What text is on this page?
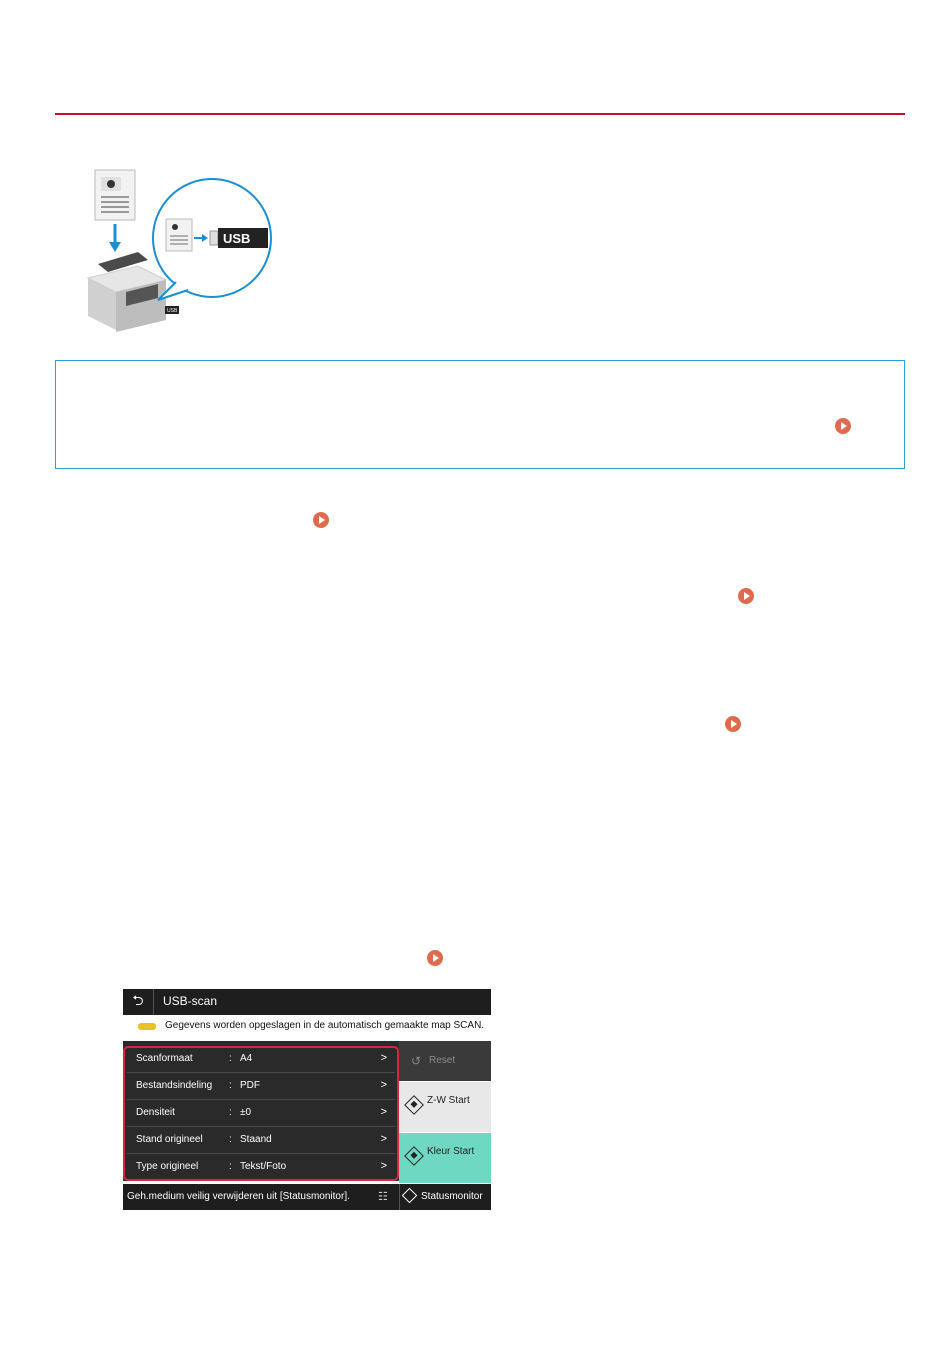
USB
USB
⮌	USB-scan
Gegevens worden opgeslagen in de automatisch gemaakte map SCAN.
Scanformaat	: A4	>
Bestandsindeling : PDF	>
Densiteit	: ±0	>
Stand origineel	: Staand	>
Type origineel	: Tekst/Foto	>
↺ Reset
Z-W Start
Kleur Start
Geh.medium veilig verwijderen uit [Statusmonitor].	☷	Statusmonitor
